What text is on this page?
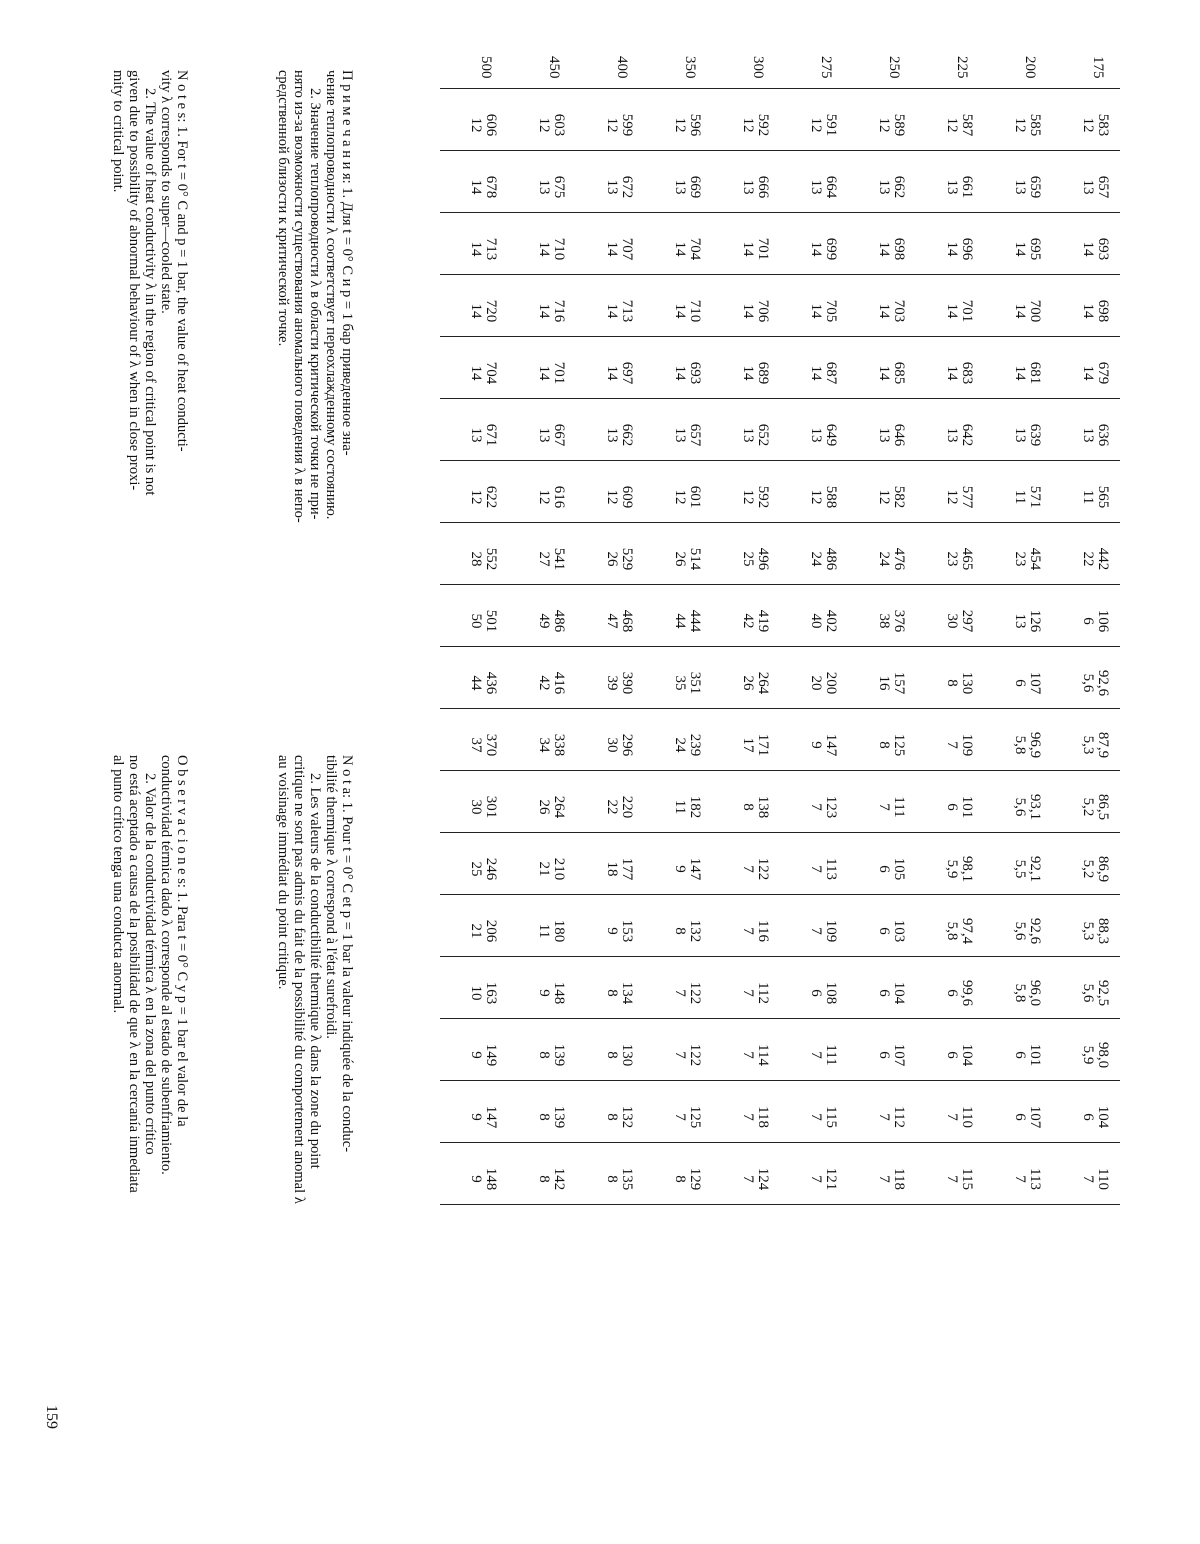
175
583
12
657
13
693
14
698
14
679
14
636
13
565
11
442
22
106
6
92,6
5,6
87,9
5,3
86,5
5,2
86,9
5,2
88,3
5,3
92,5
5,6
98,0
5,9
104
6
110
7
200
585
12
659
13
695
14
700
14
681
14
639
13
571
11
454
23
126
13
107
6
96,9
5,8
93,1
5,6
92,1
5,5
92,6
5,6
96,0
5,8
101
6
107
6
113
7
225
587
12
661
13
696
14
701
14
683
14
642
13
577
12
465
23
297
30
130
8
109
7
101
6
98,1
5,9
97,4
5,8
99,6
6
104
6
110
7
115
7
250
589
12
662
13
698
14
703
14
685
14
646
13
582
12
476
24
376
38
157
16
125
8
111
7
105
6
103
6
104
6
107
6
112
7
118
7
275
591
12
664
13
699
14
705
14
687
14
649
13
588
12
486
24
402
40
200
20
147
9
123
7
113
7
109
7
108
6
111
7
115
7
121
7
300
592
12
666
13
701
14
706
14
689
14
652
13
592
12
496
25
419
42
264
26
171
17
138
8
122
7
116
7
112
7
114
7
118
7
124
7
350
596
12
669
13
704
14
710
14
693
14
657
13
601
12
514
26
444
44
351
35
239
24
182
11
147
9
132
8
122
7
122
7
125
7
129
8
400
599
12
672
13
707
14
713
14
697
14
662
13
609
12
529
26
468
47
390
39
296
30
220
22
177
18
153
9
134
8
130
8
132
8
135
8
450
603
12
675
13
710
14
716
14
701
14
667
13
616
12
541
27
486
49
416
42
338
34
264
26
210
21
180
11
148
9
139
8
139
8
142
8
500
606
12
678
14
713
14
720
14
704
14
671
13
622
12
552
28
501
50
436
44
370
37
301
30
246
25
206
21
163
10
149
9
147
9
148
9

П р и м е ч а н и я: 1. Для t = 0° C и p = 1 бар приведенное зна-

чение теплопроводности λ соответствует переохлажденному состоянию.

2. Значение теплопроводности λ в области критической точки не при-

нято из-за возможности существования аномального поведения λ в непо-

средственной близости к критической точке.

N o t e s: 1. For t = 0° C and p = 1 bar, the value of heat conducti-

vity λ corresponds to super—cooled state.

2. The value of heat conductivity λ in the region of critical point is not

given due to possibility of abnormal behaviour of λ when in close proxi-

mity to critical point.

N o t a: 1. Pour t = 0° C et p = 1 bar la valeur indiquée de la conduc-

tibilité thermique λ correspond à l'état surefroidi.

2. Les valeurs de la conductibilité thermique λ dans la zone du point

critique ne sont pas admis du fait de la possibilité du comportement anomal λ

au voisinage immédiat du point critique.

O b s e r v a c i o n e s: 1. Para t = 0° C y p = 1 bar el valor de la

conductividad térmica dado λ corresponde al estado de subenfriamiento.

2. Valor de la conductividad térmica λ en la zona del punto crítico

no está aceptado a causa de la posibilidad de que λ en la cercanía inmediata

al punto crítico tenga una conducta anormal.

159
